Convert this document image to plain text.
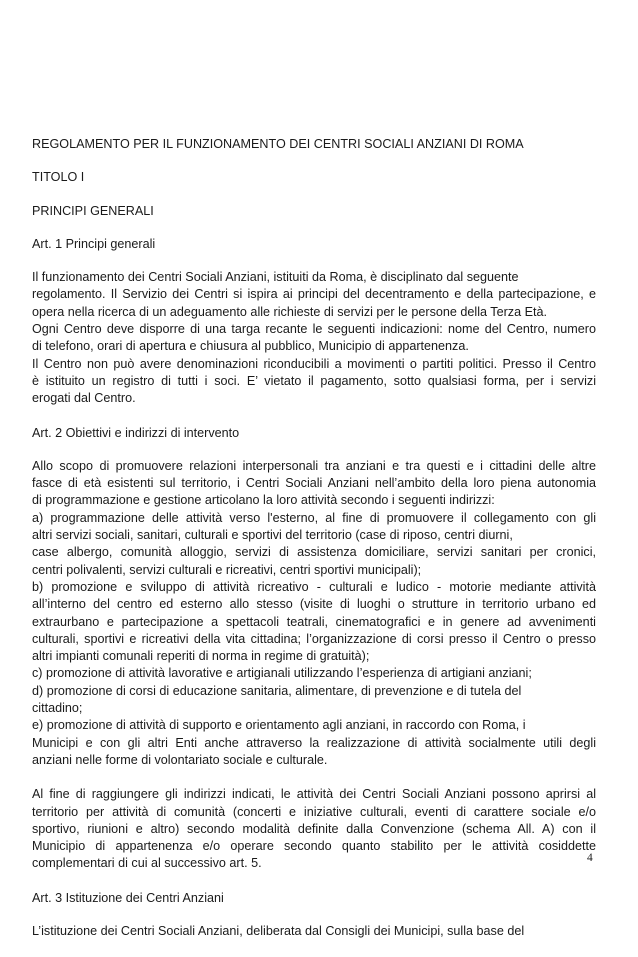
REGOLAMENTO PER IL FUNZIONAMENTO DEI CENTRI SOCIALI ANZIANI DI ROMA

TITOLO I

PRINCIPI GENERALI

Art. 1 Principi generali

Il funzionamento dei Centri Sociali Anziani, istituiti da Roma, è disciplinato dal seguente
regolamento. Il Servizio dei Centri si ispira ai principi del decentramento e della partecipazione, e
opera nella ricerca di un adeguamento alle richieste di servizi per le persone della Terza Età.
Ogni Centro deve disporre di una targa recante le seguenti indicazioni: nome del Centro, numero
di telefono, orari di apertura e chiusura al pubblico, Municipio di appartenenza.
Il Centro non può avere denominazioni riconducibili a movimenti o partiti politici. Presso il Centro
è istituito un registro di tutti i soci. E’ vietato il pagamento, sotto qualsiasi forma, per i servizi
erogati dal Centro.

Art. 2 Obiettivi e indirizzi di intervento

Allo scopo di promuovere relazioni interpersonali tra anziani e tra questi e i cittadini delle altre
fasce di età esistenti sul territorio, i Centri Sociali Anziani nell’ambito della loro piena autonomia
di programmazione e gestione articolano la loro attività secondo i seguenti indirizzi:
a) programmazione delle attività verso l'esterno, al fine di promuovere il collegamento con gli
altri servizi sociali, sanitari, culturali e sportivi del territorio (case di riposo, centri diurni,
case albergo, comunità alloggio, servizi di assistenza domiciliare, servizi sanitari per cronici,
centri polivalenti, servizi culturali e ricreativi, centri sportivi municipali);
b) promozione e sviluppo di attività ricreativo - culturali e ludico - motorie mediante attività
all’interno del centro ed esterno allo stesso (visite di luoghi o strutture in territorio urbano ed
extraurbano e partecipazione a spettacoli teatrali, cinematografici e in genere ad avvenimenti
culturali, sportivi e ricreativi della vita cittadina; l’organizzazione di corsi presso il Centro o presso
altri impianti comunali reperiti di norma in regime di gratuità);
c) promozione di attività lavorative e artigianali utilizzando l’esperienza di artigiani anziani;
d) promozione di corsi di educazione sanitaria, alimentare, di prevenzione e di tutela del
cittadino;
e) promozione di attività di supporto e orientamento agli anziani, in raccordo con Roma, i
Municipi e con gli altri Enti anche attraverso la realizzazione di attività socialmente utili degli
anziani nelle forme di volontariato sociale e culturale.
Al fine di raggiungere gli indirizzi indicati, le attività dei Centri Sociali Anziani possono aprirsi al
territorio per attività di comunità (concerti e iniziative culturali, eventi di carattere sociale e/o
sportivo, riunioni e altro) secondo modalità definite dalla Convenzione (schema All. A) con il
Municipio di appartenenza e/o operare secondo quanto stabilito per le attività cosiddette
complementari di cui al successivo art. 5.

Art. 3 Istituzione dei Centri Anziani

L’istituzione dei Centri Sociali Anziani, deliberata dal Consigli dei Municipi, sulla base del
4
